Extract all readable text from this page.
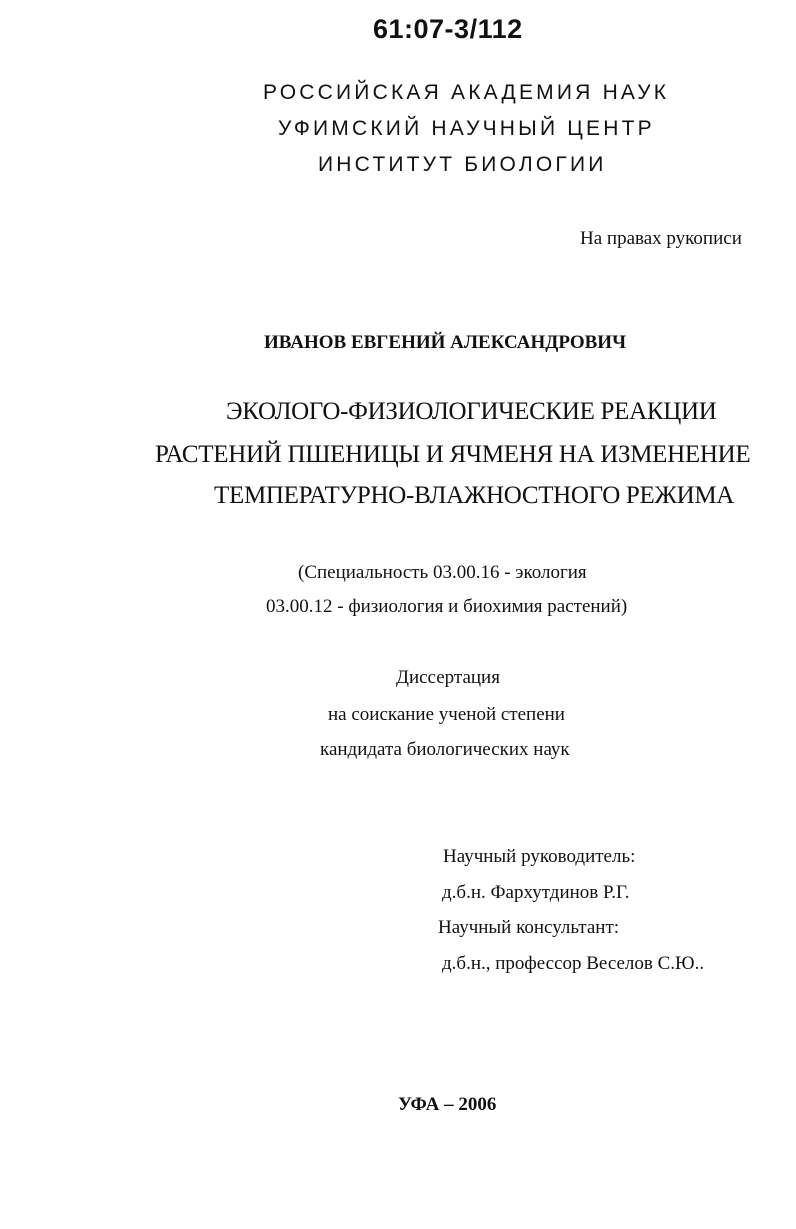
61:07-3/112
РОССИЙСКАЯ АКАДЕМИЯ НАУК
УФИМСКИЙ НАУЧНЫЙ ЦЕНТР
ИНСТИТУТ БИОЛОГИИ
На правах рукописи
ИВАНОВ ЕВГЕНИЙ АЛЕКСАНДРОВИЧ
ЭКОЛОГО-ФИЗИОЛОГИЧЕСКИЕ РЕАКЦИИ
РАСТЕНИЙ ПШЕНИЦЫ И ЯЧМЕНЯ НА ИЗМЕНЕНИЕ
ТЕМПЕРАТУРНО-ВЛАЖНОСТНОГО РЕЖИМА
(Специальность 03.00.16 - экология
03.00.12 - физиология и биохимия растений)
Диссертация
на соискание ученой степени
кандидата биологических наук
Научный руководитель:
д.б.н. Фархутдинов Р.Г.
Научный консультант:
д.б.н., профессор Веселов С.Ю..
УФА – 2006
